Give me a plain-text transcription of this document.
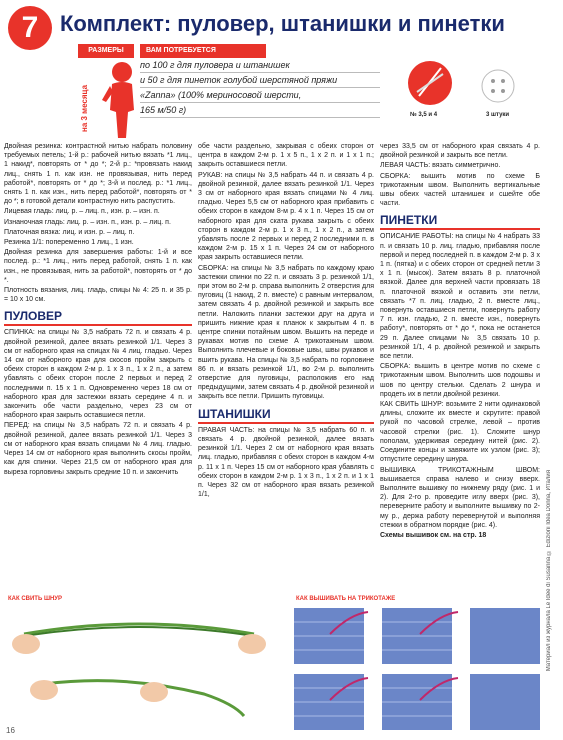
7 Комплект: пуловер, штанишки и пинетки
РАЗМЕРЫ	ВАМ ПОТРЕБУЕТСЯ
на 3 месяца
по 100 г для пуловера и штанишек
и 50 г для пинеток голубой шерстяной пряжи
«Zanna» (100% мериносовой шерсти,
165 м/50 г)	№ 3,5 и 4	3 штуки

Двойная резинка: контрастной нитью набрать половину требуемых петель; 1-й р.: рабочей нитью вязать *1 лиц., 1 накид*, повторять от * до *; 2-й р.: *провязать накид лиц., снять 1 п. как изн. не провязывая, нить перед работой*, повторять от * до *; 3-й и послед. р.: *1 лиц., снять 1 п. как изн., нить перед работой*, повторять от * до *; в готовой детали контрастную нить распустить.

Лицевая гладь: лиц. р. – лиц. п., изн. р. – изн. п.

Изнаночная гладь: лиц. р. – изн. п., изн. р. – лиц. п.

Платочная вязка: лиц. и изн. р. – лиц. п.

Резинка 1/1: попеременно 1 лиц., 1 изн.

Двойная резинка для завершения работы: 1-й и все послед. р.: *1 лиц., нить перед работой, снять 1 п. как изн., не провязывая, нить за работой*, повторять от * до *.

Плотность вязания, лиц. гладь, спицы № 4: 25 п. и 35 р. = 10 х 10 см.

ПУЛОВЕР

СПИНКА: на спицы № 3,5 набрать 72 п. и связать 4 р. двойной резинкой, далее вязать резинкой 1/1. Через 3 см от наборного края на спицах № 4 лиц. гладью. Через 14 см от наборного края для скосов пройм закрыть с обеих сторон в каждом 2-м р. 1 х 3 п., 1 х 2 п., а затем убавлять с обеих сторон после 2 первых и перед 2 последними п. 15 х 1 п. Одновременно через 18 см от наборного края для застежки вязать середине 4 п. и закончить обе части раздельно, через 23 см от наборного края закрыть оставшиеся петли.

ПЕРЕД: на спицы № 3,5 набрать 72 п. и связать 4 р. двойной резинкой, далее вязать резинкой 1/1. Через 3 см от наборного края вязать спицами № 4 лиц. гладью. Через 14 см от наборного края выполнить скосы пройм, как для спинки. Через 21,5 см от наборного края для выреза горловины закрыть средние 10 п. и закончить

обе части раздельно, закрывая с обеих сторон от центра в каждом 2-м р. 1 х 5 п., 1 х 2 п. и 1 х 1 п.; закрыть оставшиеся петли.

РУКАВ: на спицы № 3,5 набрать 44 п. и связать 4 р. двойной резинкой, далее вязать резинкой 1/1. Через 3 см от наборного края вязать спицами № 4 лиц. гладью. Через 5,5 см от наборного края прибавить с обеих сторон в каждом 8-м р. 4 х 1 п. Через 15 см от наборного края для ската рукава закрыть с обеих сторон в каждом 2-м р. 1 х 3 п., 1 х 2 п., а затем убавлять после 2 первых и перед 2 последними п. в каждом 2-м р. 15 х 1 п. Через 24 см от наборного края закрыть оставшиеся петли.

СБОРКА: на спицы № 3,5 набрать по каждому краю застежки спинки по 22 п. и связать 3 р. резинкой 1/1, при этом во 2-м р. справа выполнить 2 отверстия для пуговиц (1 накид, 2 п. вместе) с равным интервалом, затем связать 4 р. двойной резинкой и закрыть все петли. Наложить планки застежки друг на друга и пришить нижние края к планок к закрытым 4 п. в центре спинки потайным швом. Вышить на переде и рукавах мотив по схеме А трикотажным швом. Выполнить плечевые и боковые швы, швы рукавов и вшить рукава. На спицы № 3,5 набрать по горловине 86 п. и вязать резинкой 1/1, во 2-м р. выполнить отверстие для пуговицы, расположив его над предыдущими, затем связать 4 р. двойной резинкой и закрыть все петли. Пришить пуговицы.

ШТАНИШКИ

ПРАВАЯ ЧАСТЬ: на спицы № 3,5 набрать 60 п. и связать 4 р. двойной резинкой, далее вязать резинкой 1/1. Через 2 см от наборного края вязать лиц. гладью, прибавляя с обеих сторон в каждом 4-м р. 11 х 1 п. Через 15 см от наборного края убавлять с обеих сторон в каждом 2-м р. 1 х 3 п., 1 х 2 п. и 1 х 1 п. Через 32 см от наборного края вязать резинкой 1/1,

через 33,5 см от наборного края связать 4 р. двойной резинкой и закрыть все петли.

ЛЕВАЯ ЧАСТЬ: вязать симметрично.

СБОРКА: вышить мотив по схеме Б трикотажным швом. Выполнить вертикальные швы обеих частей штанишек и сшейте обе части.

ПИНЕТКИ

ОПИСАНИЕ РАБОТЫ: на спицы № 4 набрать 33 п. и связать 10 р. лиц. гладью, прибавляя после первой и перед последней п. в каждом 2-м р. 3 х 1 п. (пятка) и с обеих сторон от средней петли 3 х 1 п. (мысок). Затем вязать 8 р. платочной вязкой. Далее для верхней части провязать 18 п. платочной вязкой и оставить эти петли, связать *7 п. лиц. гладью, 2 п. вместе лиц., повернуть оставшиеся петли, повернуть работу 7 п. изн. гладью, 2 п. вместе изн., повернуть работу*, повторять от * до *, пока не останется 29 п. Далее спицами № 3,5 связать 10 р. резинкой 1/1, 4 р. двойной резинкой и закрыть все петли.

СБОРКА: вышить в центре мотив по схеме с трикотажным швом. Выполнить шов подошвы и шов по центру стельки. Сделать 2 шнура и продеть их в петли двойной резинки.

КАК СВИТЬ ШНУР: возьмите 2 нити одинаковой длины, сложите их вместе и скрутите: правой рукой по часовой стрелке, левой – против часовой стрелки (рис. 1). Сложите шнур пополам, удерживая середину нитей (рис. 2). Соедините концы и завяжите их узлом (рис. 3); отпустите середину шнура.

ВЫШИВКА ТРИКОТАЖНЫМ ШВОМ: вышивается справа налево и снизу вверх. Выполните вышивку по нижнему ряду (рис. 1 и 2). Для 2-го р. проведите иглу вверх (рис. 3), переверните работу и выполните вышивку по 2-му р., держа работу перевернутой и выполняя стежки в обратном порядке (рис. 4).

Схемы вышивок см. на стр. 18	Материал из журнала Le Idee di Susanna © Edizioni Idea Donna, Италия
КАК СВИТЬ ШНУР	КАК ВЫШИВАТЬ НА ТРИКОТАЖЕ
16
